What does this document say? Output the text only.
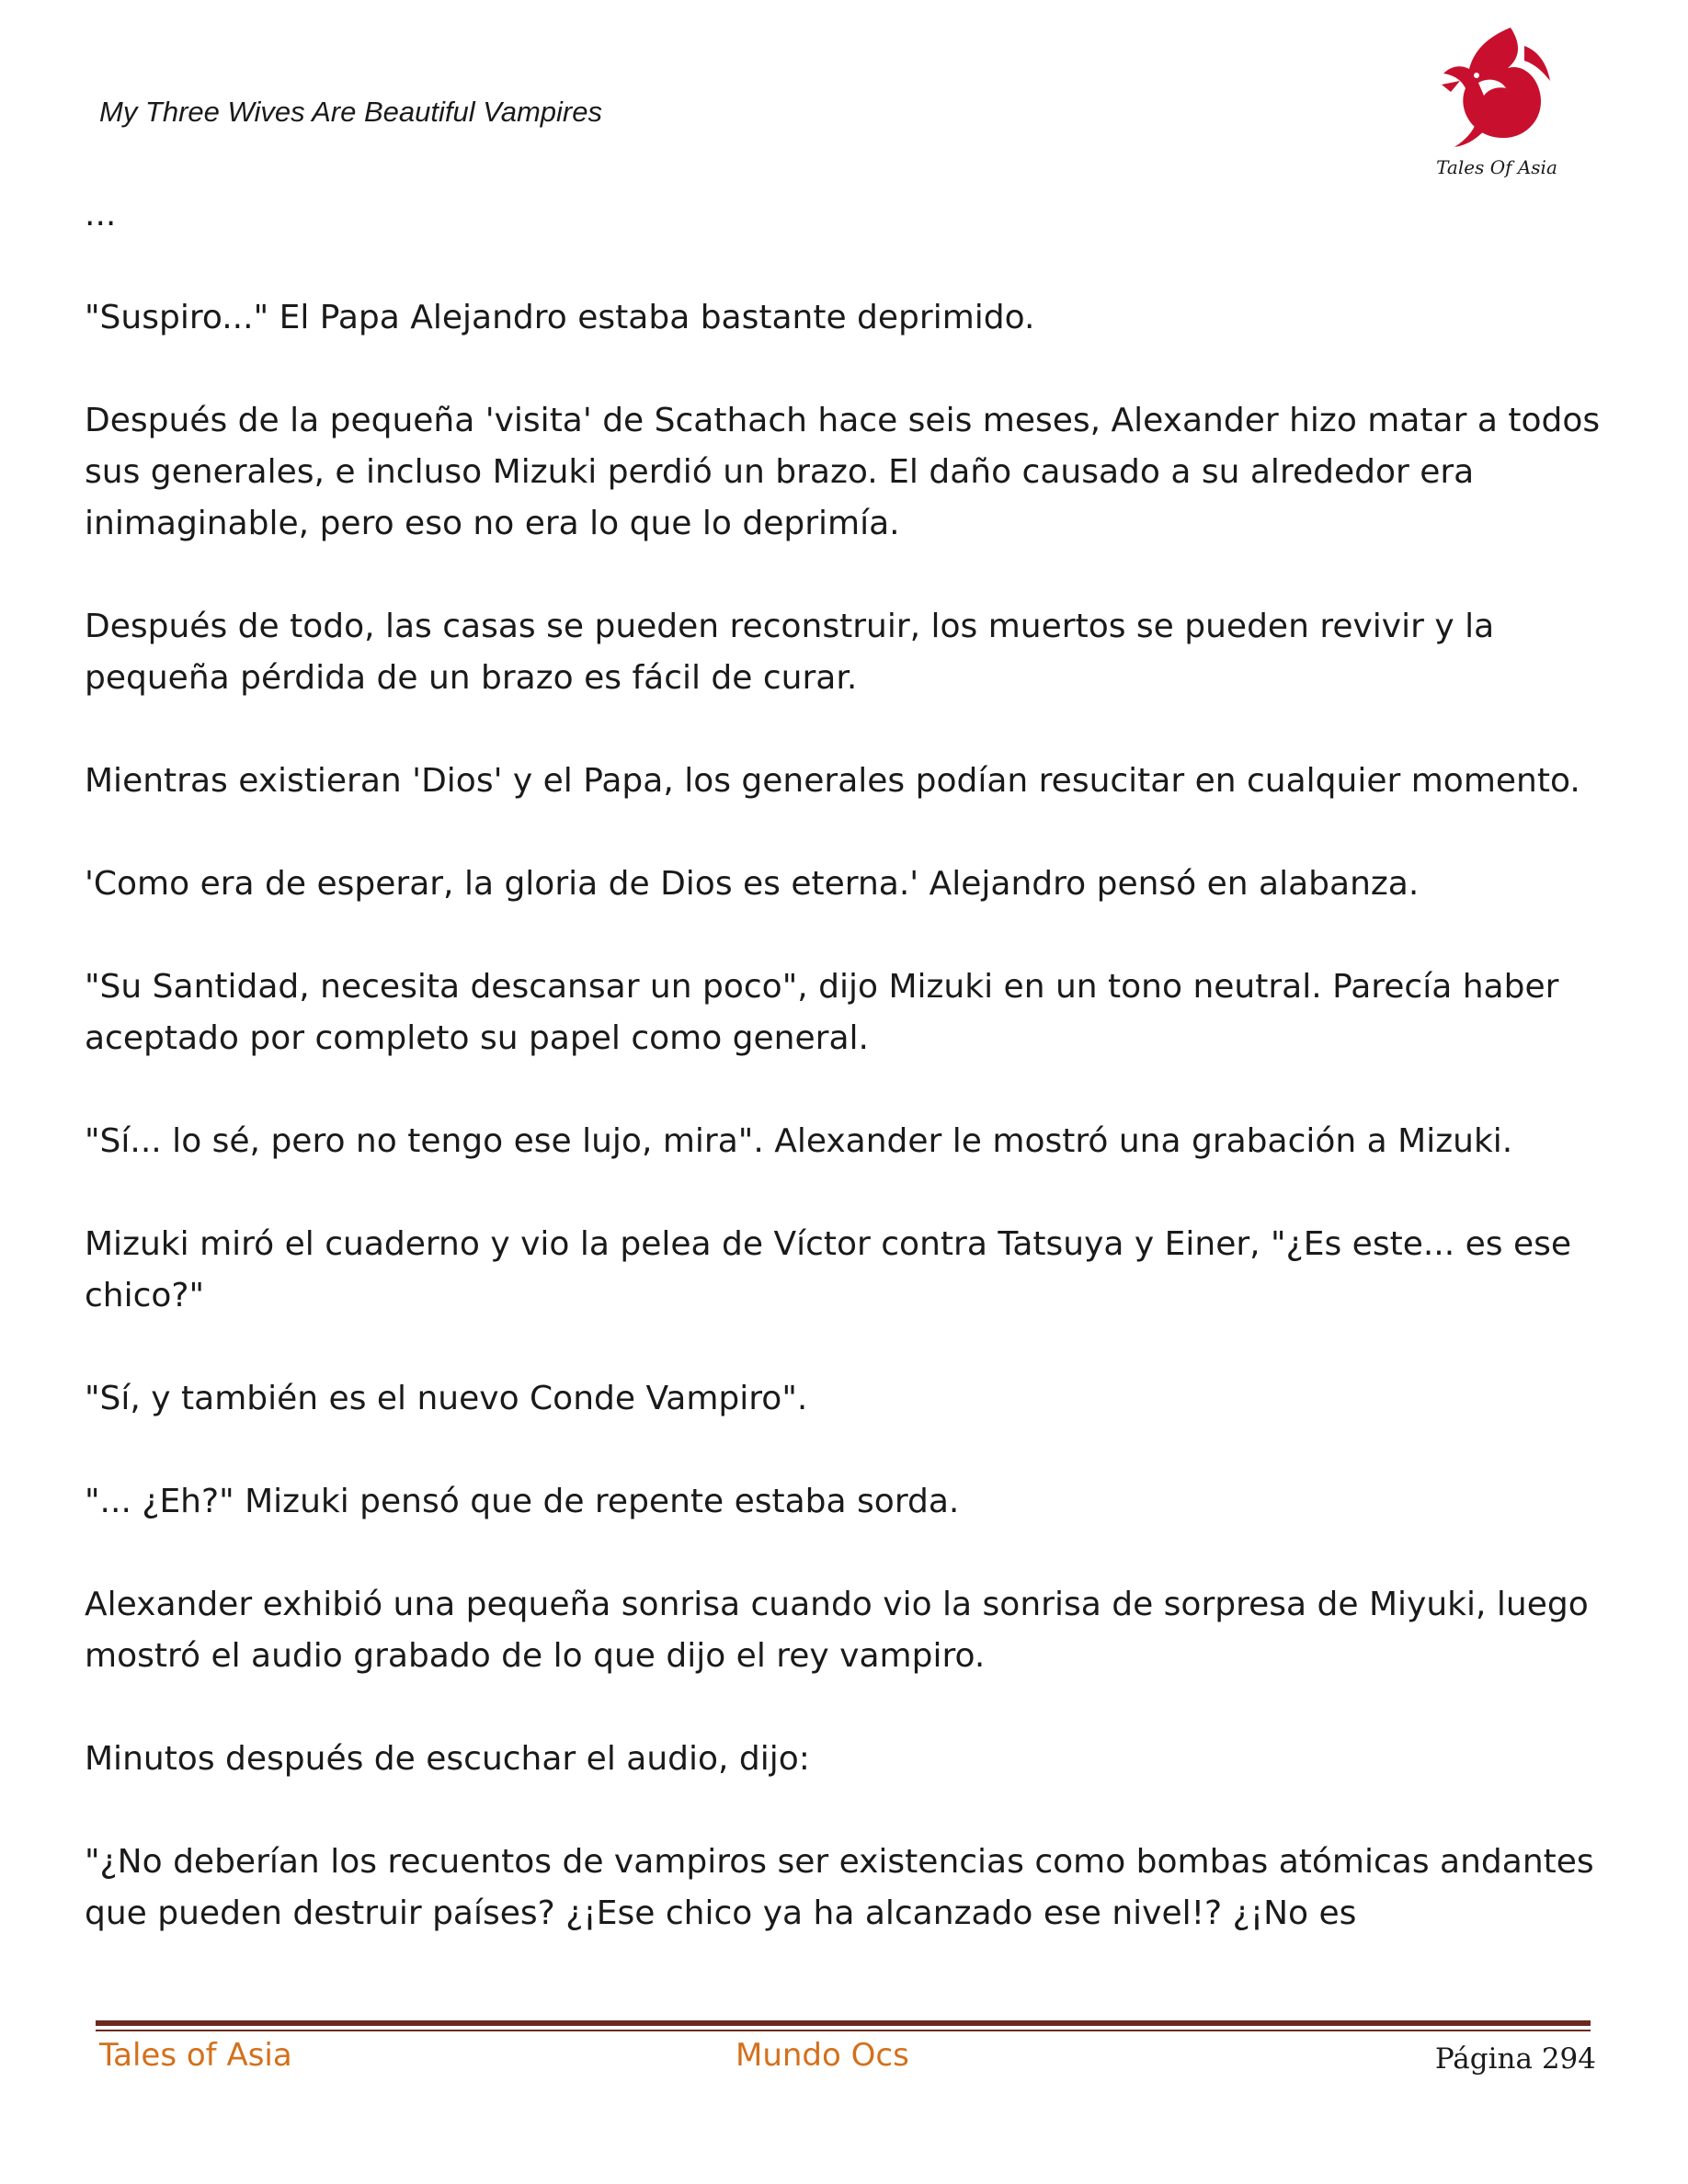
My Three Wives Are Beautiful Vampires
Tales Of Asia

...

"Suspiro..." El Papa Alejandro estaba bastante deprimido.

Después de la pequeña 'visita' de Scathach hace seis meses, Alexander hizo matar a todos sus generales, e incluso Mizuki perdió un brazo. El daño causado a su alrededor era inimaginable, pero eso no era lo que lo deprimía.

Después de todo, las casas se pueden reconstruir, los muertos se pueden revivir y la pequeña pérdida de un brazo es fácil de curar.

Mientras existieran 'Dios' y el Papa, los generales podían resucitar en cualquier momento.

'Como era de esperar, la gloria de Dios es eterna.' Alejandro pensó en alabanza.

"Su Santidad, necesita descansar un poco", dijo Mizuki en un tono neutral. Parecía haber aceptado por completo su papel como general.

"Sí... lo sé, pero no tengo ese lujo, mira". Alexander le mostró una grabación a Mizuki.

Mizuki miró el cuaderno y vio la pelea de Víctor contra Tatsuya y Einer, "¿Es este... es ese chico?"

"Sí, y también es el nuevo Conde Vampiro".

"... ¿Eh?" Mizuki pensó que de repente estaba sorda.

Alexander exhibió una pequeña sonrisa cuando vio la sonrisa de sorpresa de Miyuki, luego mostró el audio grabado de lo que dijo el rey vampiro.

Minutos después de escuchar el audio, dijo:

"¿No deberían los recuentos de vampiros ser existencias como bombas atómicas andantes que pueden destruir países? ¿¡Ese chico ya ha alcanzado ese nivel!? ¿¡No es

Tales of Asia	Mundo Ocs	Página 294
